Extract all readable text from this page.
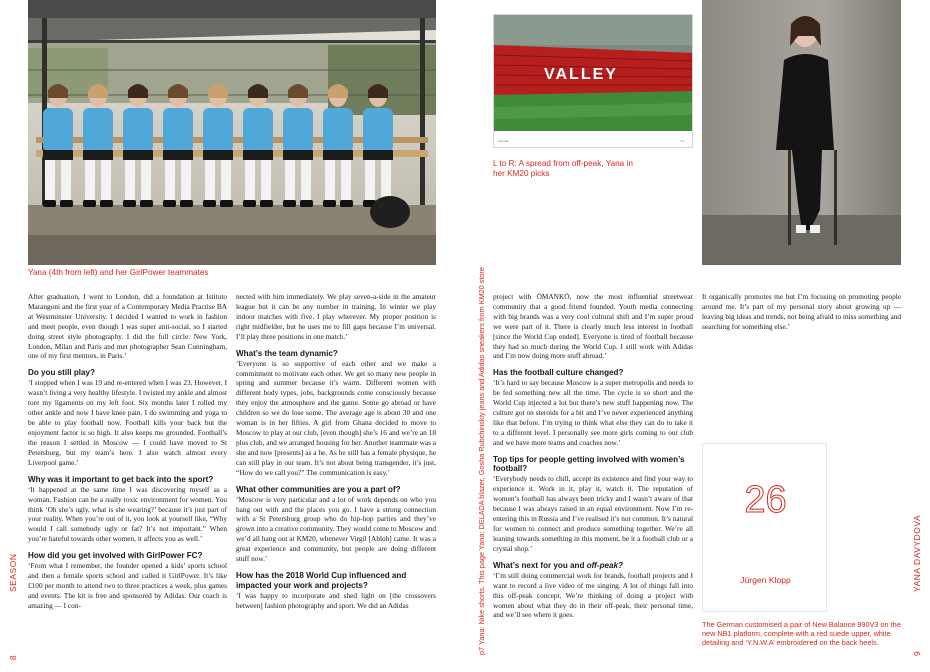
Yana (4th from left) and her GirlPower teammates

After graduation, I went to London, did a foundation at Istituto Marangoni and the first year of a Contemporary Media Practise BA at Westminster University. I decided I wanted to work in fashion and meet people, even though I was super anti-social, so I started doing street style photography. I did the full circle: New York, London, Milan and Paris and met photographer Sean Cunningham, one of my first mentors, in Paris.’

Do you still play?

‘I stopped when I was 19 and re-entered when I was 23. However, I wasn’t living a very healthy lifestyle. I twisted my ankle and almost tore my ligaments on my left foot. Six months later I rolled my other ankle and now I have knee pain. I do swimming and yoga to be able to play football now. Football kills your back but the enjoyment factor is so high. It also keeps me grounded. Football’s the reason I settled in Moscow — I could have moved to St Petersburg, but my team’s here. I also watch almost every Liverpool game.’

Why was it important to get back into the sport?

‘It happened at the same time I was discovering myself as a woman. Fashion can be a really toxic environment for women. You think ‘Oh she’s ugly, what is she wearing?’ because it’s just part of your reality. When you’re out of it, you look at yourself like, “Why would I call somebody ugly or fat? It’s not important.” When you’re hateful towards other women, it affects you as well.’

How did you get involved with GirlPower FC?

‘From what I remember, the founder opened a kids’ sports school and then a female sports school and called it GirlPower. It’s like £100 per month to attend two to three practices a week, plus games and events. The kit is free and sponsored by Adidas. Our coach is amazing — I con-

nected with him immediately. We play seven-a-side in the amateur league but it can be any number in training. In winter we play indoor matches with five. I play wherever. My proper position is right midfielder, but he uses me to fill gaps because I’m universal. I’ll play three positions in one match.’

What’s the team dynamic?

‘Everyone is so supportive of each other and we make a commitment to motivate each other. We get so many new people in spring and summer because it’s warm. Different women with different body types, jobs, backgrounds come consciously because they enjoy the atmosphere and the game. Some go abroad or have children so we do lose some. The average age is about 30 and one woman is in her fifties. A girl from Ghana decided to move to Moscow to play at our club, [even though] she’s 16 and we’re an 18 plus club, and we arranged housing for her. Another teammate was a she and now [presents] as a he. As he still has a female physique, he can still play in our team. It’s not about being transgender, it’s just, “How do we call you?” The communication is easy.’

What other communities are you a part of?

‘Moscow is very particular and a lot of work depends on who you hang out with and the places you go. I have a strong connection with a St Petersburg group who do hip-hop parties and they’ve grown into a creative community. They would come to Moscow and we’d all hang out at KM20, whenever Virgil [Abloh] came. It was a great experience and community, but people are doing different stuff now.’

How has the 2018 World Cup influenced and impacted your work and projects?

‘I was happy to incorporate and shed light on [the crossovers between] fashion photography and sport. We did an Adidas

SEASON
8
p7 Yana: Nike shorts. This page Yana: DELADA blazer, Gosha Rubchinskiy jeans and Adidas sneakers from KM20 store
VALLEY
off-peak	Y.K.
L to R: A spread from off-peak, Yana in her KM20 picks

project with ÖMANKÖ, now the most influential streetwear community that a good friend founded. Youth media connecting with big brands was a very cool cultural shift and I’m super proud we were part of it. There is clearly much less interest in football [since the World Cup ended]. Everyone is tired of football because they had so much during the World Cup. I still work with Adidas and I’m now doing more stuff abroad.’

Has the football culture changed?

‘It’s hard to say because Moscow is a super metropolis and needs to be fed something new all the time. The cycle is so short and the World Cup injected a lot but there’s new stuff happening now. The culture got on steroids for a bit and I’ve never experienced anything like that before. I’m trying to think what else they can do to take it to a different level. I personally see more girls coming to our club and we have more teams and coaches now.’

Top tips for people getting involved with women’s football?

‘Everybody needs to chill, accept its existence and find your way to experience it. Work in it, play it, watch it. The reputation of women’s football has always been tricky and I wasn’t aware of that because I was always raised in an equal environment. Now I’m re-entering this in Russia and I’ve realised it’s not common. It’s natural for women to connect and produce something together. We’re all leaning towards something in this moment, be it a football club or a crystal shop.’

What’s next for you and off-peak?

‘I’m still doing commercial work for brands, football projects and I want to record a live video of me singing. A lot of things fall into this off-peak concept. We’re thinking of doing a project with women about what they do in their off-peak, their personal time, and we’ll see where it goes.

It organically promotes me but I’m focusing on promoting people around me. It’s part of my personal story about growing up — leaving big ideas and trends, not being afraid to miss something and searching for something else.’

26
Jürgen Klopp
The German customised a pair of New Balance 990V3 on the new NB1 platform, complete with a red suede upper, white detailing and ‘Y.N.W.A’ embroidered on the back heels.
YANA DAVYDOVA
9
